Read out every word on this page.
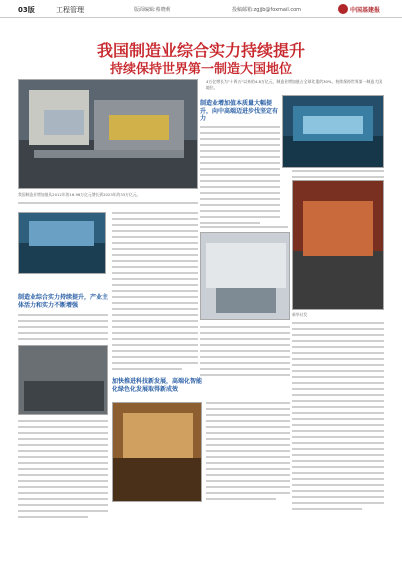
03版	工程管理	版面编辑:蔡晓莉	投稿邮箱:zgjjb@foxmail.com	中国基建报
我国制造业综合实力持续提升
持续保持世界第一制造大国地位
4万亿增长为"十四五"以来的4.8万亿元，制造业增加值占全球比重约30%，持续保持世界第一制造大国地位。
制造业增加值本质量大幅提升，向中高端迈进步伐坚定有力
制造业综合实力持续提升，产业主体活力和实力不断增强
加快推进科技新发展，高端化智能化绿色化发展取得新成效
我国制造业增加值从2012年的16.98万亿元增长到2023年的33万亿元。
新华社发
